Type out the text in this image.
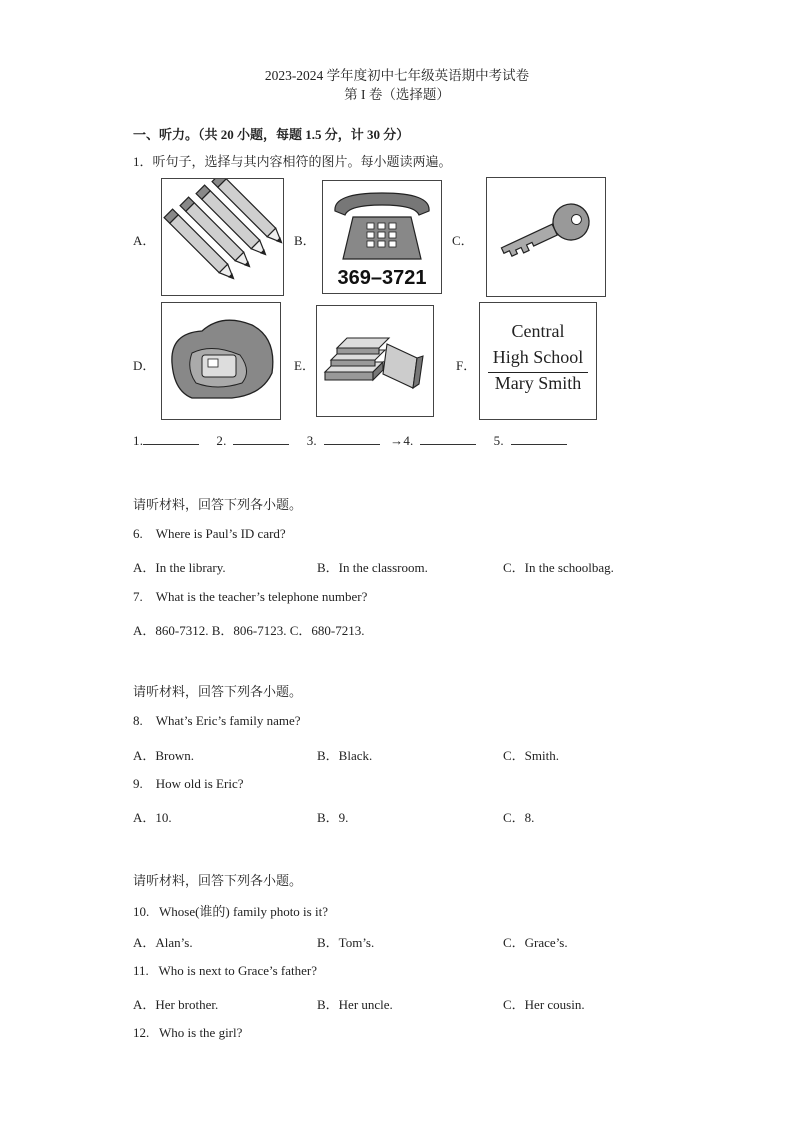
2023-2024 学年度初中七年级英语期中考试卷
第 I 卷（选择题）
一、听力。（共 20 小题，每题 1.5 分，计 30 分）
1．听句子，选择与其内容相符的图片。每小题读两遍。
A．	B．
369–3721
C．
D．	E．	F．
Central
High School
Mary Smith
1.	2.	3.	→4.	5.
请听材料，回答下列各小题。
6. Where is Paul’s ID card?
A．In the library.	B．In the classroom.	C．In the schoolbag.
7. What is the teacher’s telephone number?
A．860-7312. B．806-7123. C．680-7213.
请听材料，回答下列各小题。
8. What’s Eric’s family name?
A．Brown.	B．Black.	C．Smith.
9. How old is Eric?
A．10.	B．9.	C．8.
请听材料，回答下列各小题。
10. Whose(谁的) family photo is it?
A．Alan’s.	B．Tom’s.	C．Grace’s.
11. Who is next to Grace’s father?
A．Her brother.	B．Her uncle.	C．Her cousin.
12. Who is the girl?
